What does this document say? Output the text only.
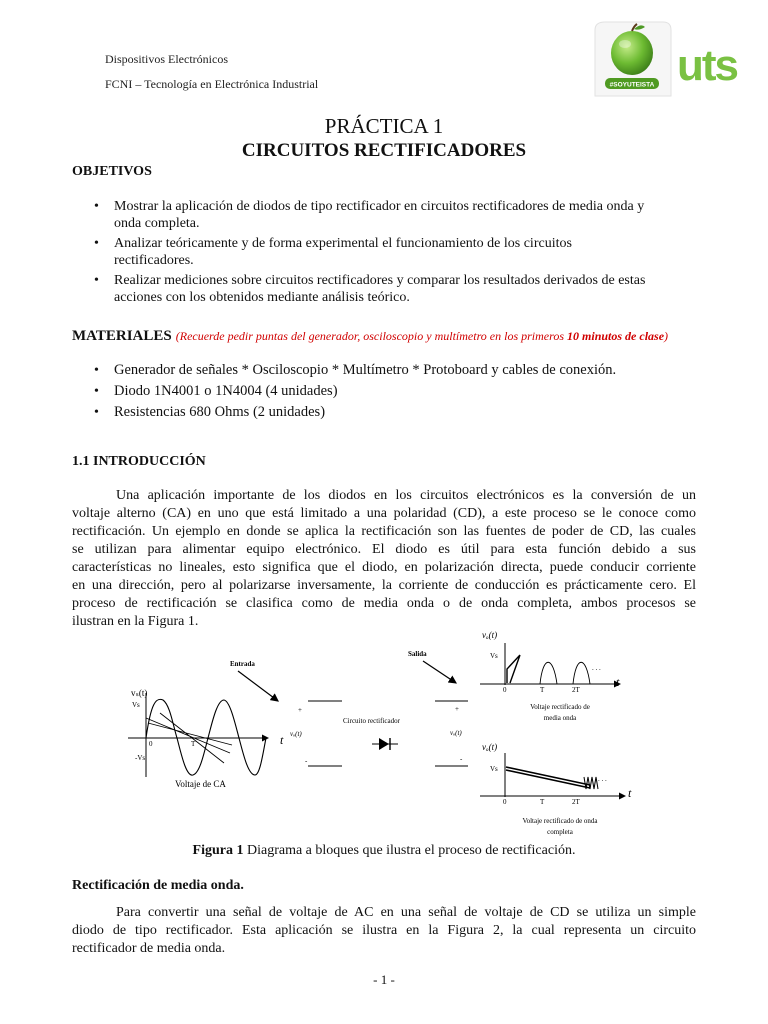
Dispositivos Electrónicos
FCNI – Tecnología en Electrónica Industrial	#SOYUTEISTA uts
PRÁCTICA 1
CIRCUITOS RECTIFICADORES
OBJETIVOS
• Mostrar la aplicación de diodos de tipo rectificador en circuitos rectificadores de media onda y
onda completa.
• Analizar teóricamente y de forma experimental el funcionamiento de los circuitos
rectificadores.
• Realizar mediciones sobre circuitos rectificadores y comparar los resultados derivados de estas
acciones con los obtenidos mediante análisis teórico.
MATERIALES (Recuerde pedir puntas del generador, osciloscopio y multímetro en los primeros 10 minutos de clase)
• Generador de señales * Osciloscopio * Multímetro * Protoboard y cables de conexión.
• Diodo 1N4001 o 1N4004 (4 unidades)
• Resistencias 680 Ohms (2 unidades)
1.1 INTRODUCCIÓN
Una aplicación importante de los diodos en los circuitos electrónicos es la conversión de un
voltaje alterno (CA) en uno que está limitado a una polaridad (CD), a este proceso se le conoce como
rectificación. Un ejemplo en donde se aplica la rectificación son las fuentes de poder de CD, las cuales
se utilizan para alimentar equipo electrónico. El diodo es útil para esta función debido a sus
características no lineales, esto significa que el diodo, en polarización directa, puede conducir corriente
en una dirección, pero al polarizarse inversamente, la corriente de conducción es prácticamente cero. El
proceso de rectificación se clasifica como de media onda o de onda completa, ambos procesos se
ilustran en la Figura 1.
vₛ(t)
Vs
0	T
-Vs
t
Voltaje de CA
Entrada
+
vₒ(t)
-
Circuito rectificador
Salida
+
vₒ(t)
-
vₒ(t)
Vs
0	T	2T
t
. . .
Voltaje rectificado de
media onda
vₒ(t)
Vs
0	T	2T
t
. . .
Voltaje rectificado de onda
completa
Figura 1 Diagrama a bloques que ilustra el proceso de rectificación.
Rectificación de media onda.
Para convertir una señal de voltaje de AC en una señal de voltaje de CD se utiliza un simple
diodo de tipo rectificador. Esta aplicación se ilustra en la Figura 2, la cual representa un circuito
rectificador de media onda.
- 1 -
